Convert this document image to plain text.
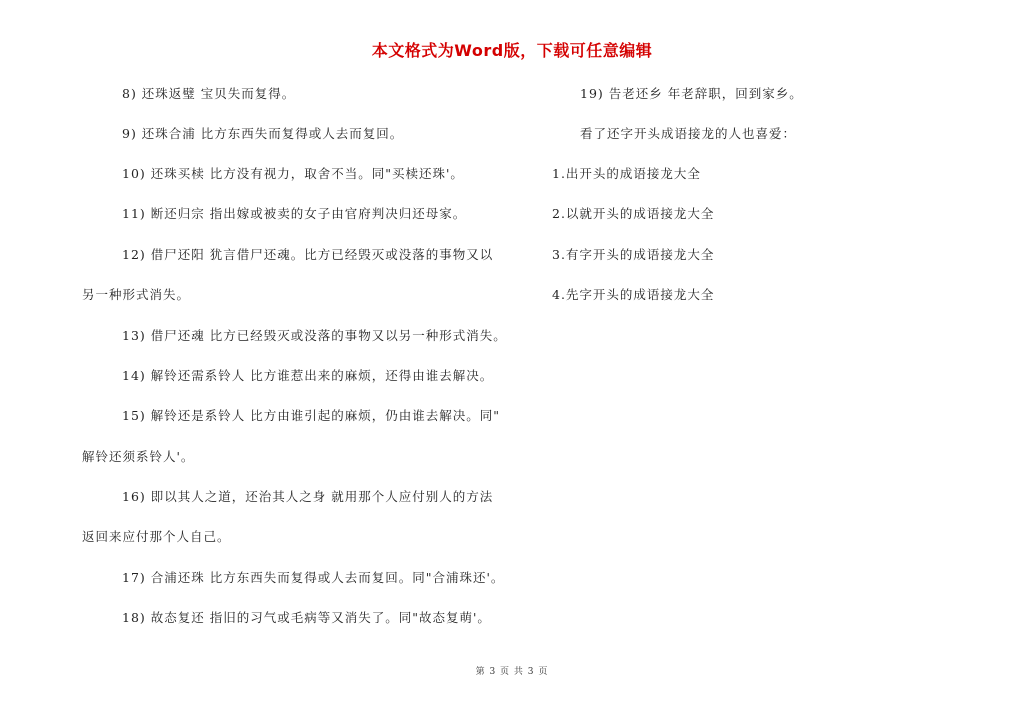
本文格式为Word版，下载可任意编辑
8) 还珠返璧 宝贝失而复得。
9) 还珠合浦 比方东西失而复得或人去而复回。
10) 还珠买椟 比方没有视力，取舍不当。同"买椟还珠'。
11) 断还归宗 指出嫁或被卖的女子由官府判决归还母家。
12) 借尸还阳 犹言借尸还魂。比方已经毁灭或没落的事物又以
另一种形式消失。
13) 借尸还魂 比方已经毁灭或没落的事物又以另一种形式消失。
14) 解铃还需系铃人 比方谁惹出来的麻烦，还得由谁去解决。
15) 解铃还是系铃人 比方由谁引起的麻烦，仍由谁去解决。同"
解铃还须系铃人'。
16) 即以其人之道，还治其人之身 就用那个人应付别人的方法
返回来应付那个人自己。
17) 合浦还珠 比方东西失而复得或人去而复回。同"合浦珠还'。
18) 故态复还 指旧的习气或毛病等又消失了。同"故态复萌'。
19) 告老还乡 年老辞职，回到家乡。
看了还字开头成语接龙的人也喜爱：
1.出开头的成语接龙大全
2.以就开头的成语接龙大全
3.有字开头的成语接龙大全
4.先字开头的成语接龙大全
第 3 页 共 3 页
